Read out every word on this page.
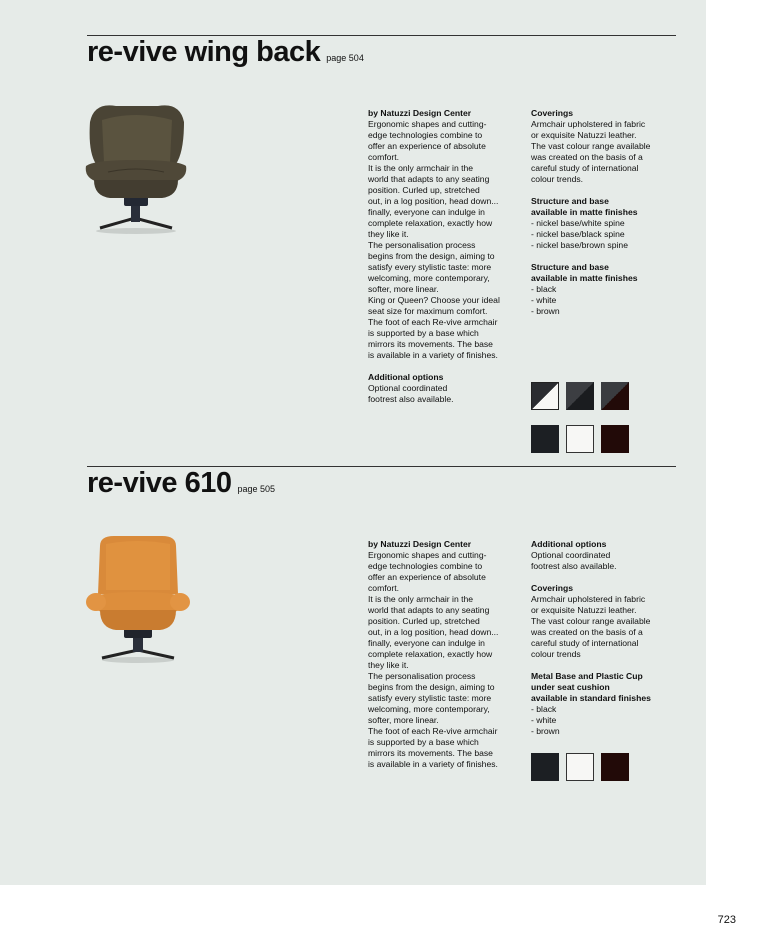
re-vive wing back page 504

by Natuzzi Design Center

Ergonomic shapes and cutting-

edge technologies combine to

offer an experience of absolute

comfort.

It is the only armchair in the

world that adapts to any seating

position. Curled up, stretched

out, in a log position, head down...

finally, everyone can indulge in

complete relaxation, exactly how

they like it.

The personalisation process

begins from the design, aiming to

satisfy every stylistic taste: more

welcoming, more contemporary,

softer, more linear.

King or Queen? Choose your ideal

seat size for maximum comfort.

The foot of each Re-vive armchair

is supported by a base which

mirrors its movements. The base

is available in a variety of finishes.

Additional options

Optional coordinated

footrest also available.

Coverings

Armchair upholstered in fabric

or exquisite Natuzzi leather.

The vast colour range available

was created on the basis of a

careful study of international

colour trends.

Structure and base

available in matte finishes

- nickel base/white spine

- nickel base/black spine

- nickel base/brown spine

Structure and base

available in matte finishes

- black

- white

- brown

re-vive 610 page 505

by Natuzzi Design Center

Ergonomic shapes and cutting-

edge technologies combine to

offer an experience of absolute

comfort.

It is the only armchair in the

world that adapts to any seating

position. Curled up, stretched

out, in a log position, head down...

finally, everyone can indulge in

complete relaxation, exactly how

they like it.

The personalisation process

begins from the design, aiming to

satisfy every stylistic taste: more

welcoming, more contemporary,

softer, more linear.

The foot of each Re-vive armchair

is supported by a base which

mirrors its movements. The base

is available in a variety of finishes.

Additional options

Optional coordinated

footrest also available.

Coverings

Armchair upholstered in fabric

or exquisite Natuzzi leather.

The vast colour range available

was created on the basis of a

careful study of international

colour trends

Metal Base and Plastic Cup

under seat cushion

available in standard finishes

- black

- white

- brown

723
